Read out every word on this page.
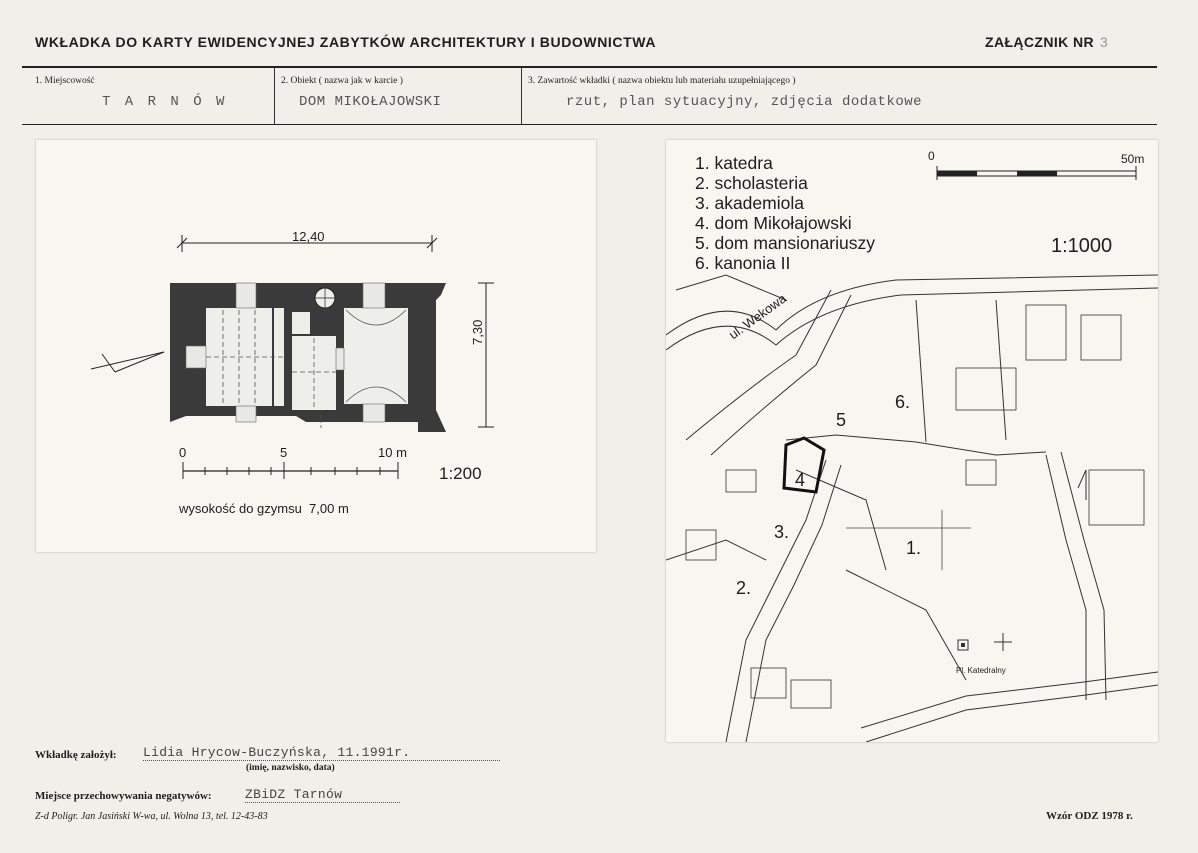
WKŁADKA DO KARTY EWIDENCYJNEJ ZABYTKÓW ARCHITEKTURY I BUDOWNICTWA	ZAŁĄCZNIK NR 3
1. Miejscowość
T A R N Ó W
2. Obiekt ( nazwa jak w karcie )
DOM MIKOŁAJOWSKI
3. Zawartość wkładki ( nazwa obiektu lub materiału uzupełniającego )
rzut, plan sytuacyjny, zdjęcia dodatkowe
12,40
7,30
0	5	10 m
1:200
wysokość do gzymsu  7,00 m
1. katedra
2. scholasteria
3. akademiola
4. dom Mikołajowski
5. dom mansionariuszy
6. kanonia II
0	50m
1:1000
ul. Wekowa
Pl. Katedralny
1.
2.
3.
4
5
6.
Wkładkę założył: Lidia Hrycow-Buczyńska, 11.1991r.
(imię, nazwisko, data)
Miejsce przechowywania negatywów:	ZBiDZ Tarnów
Z-d Poligr. Jan Jasiński W-wa, ul. Wolna 13, tel. 12-43-83	Wzór ODZ 1978 r.
